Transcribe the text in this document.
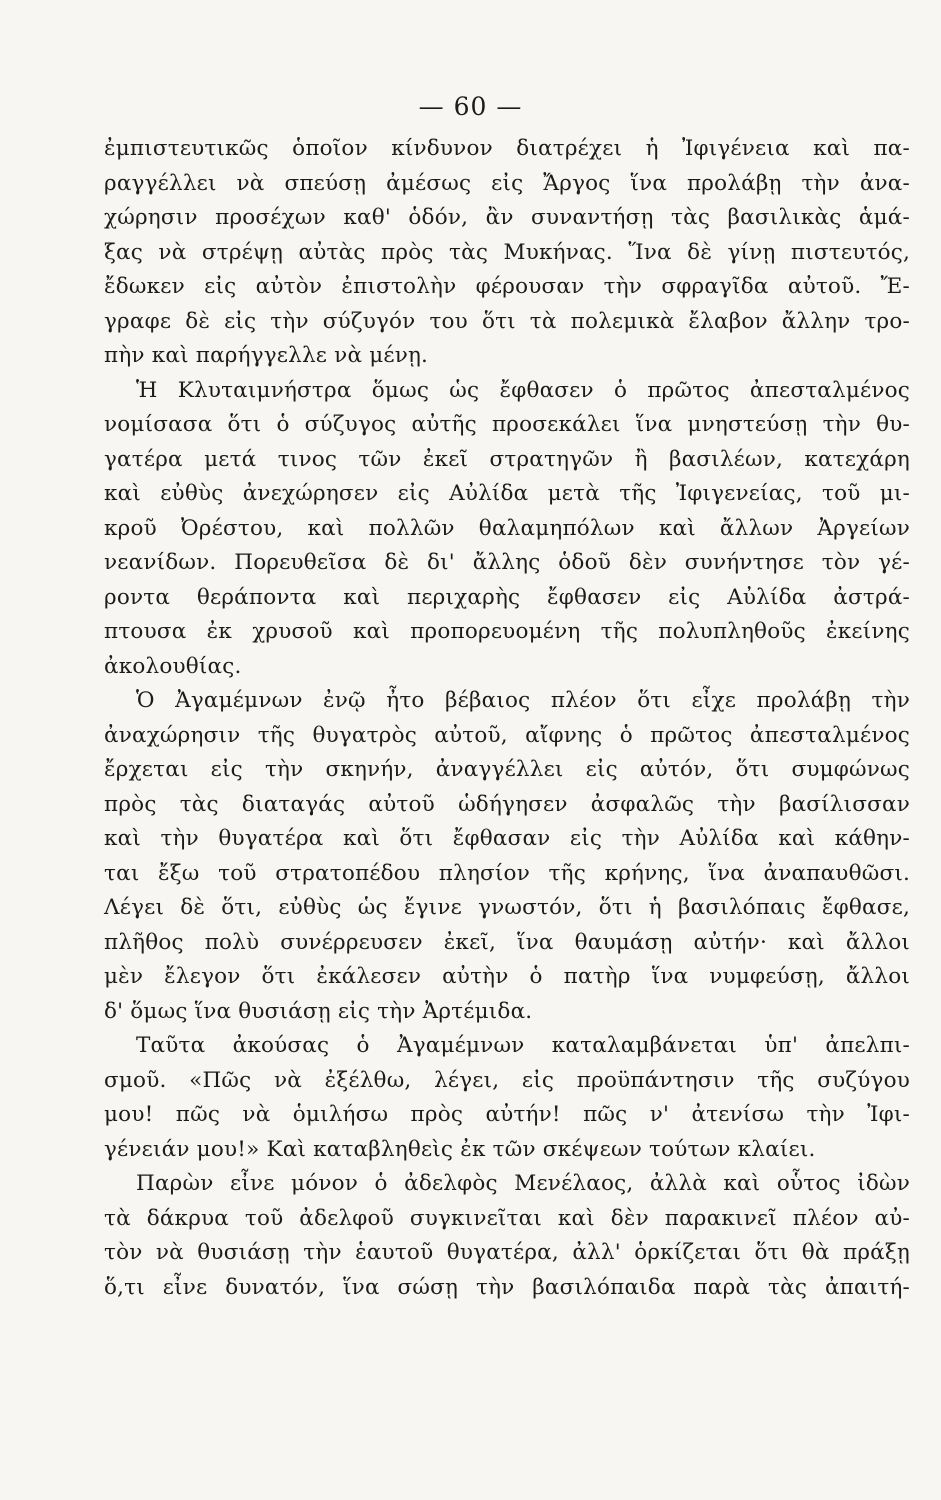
— 60 —
ἐμπιστευτικῶς ὁποῖον κίνδυνον διατρέχει ἡ Ἰφιγένεια καὶ πα-
ραγγέλλει νὰ σπεύσῃ ἀμέσως εἰς Ἄργος ἵνα προλάβῃ τὴν ἀνα-
χώρησιν προσέχων καθ' ὁδόν, ἂν συναντήσῃ τὰς βασιλικὰς ἁμά-
ξας νὰ στρέψῃ αὐτὰς πρὸς τὰς Μυκήνας. Ἵνα δὲ γίνῃ πιστευτός,
ἔδωκεν εἰς αὐτὸν ἐπιστολὴν φέρουσαν τὴν σφραγῖδα αὐτοῦ. Ἔ-
γραφε δὲ εἰς τὴν σύζυγόν του ὅτι τὰ πολεμικὰ ἔλαβον ἄλλην τρο-
πὴν καὶ παρήγγελλε νὰ μένῃ.
Ἡ Κλυταιμνήστρα ὅμως ὡς ἔφθασεν ὁ πρῶτος ἀπεσταλμένος
νομίσασα ὅτι ὁ σύζυγος αὐτῆς προσεκάλει ἵνα μνηστεύσῃ τὴν θυ-
γατέρα μετά τινος τῶν ἐκεῖ στρατηγῶν ἢ βασιλέων, κατεχάρη
καὶ εὐθὺς ἀνεχώρησεν εἰς Αὐλίδα μετὰ τῆς Ἰφιγενείας, τοῦ μι-
κροῦ Ὀρέστου, καὶ πολλῶν θαλαμηπόλων καὶ ἄλλων Ἀργείων
νεανίδων. Πορευθεῖσα δὲ δι' ἄλλης ὁδοῦ δὲν συνήντησε τὸν γέ-
ροντα θεράποντα καὶ περιχαρὴς ἔφθασεν εἰς Αὐλίδα ἀστρά-
πτουσα ἐκ χρυσοῦ καὶ προπορευομένη τῆς πολυπληθοῦς ἐκείνης
ἀκολουθίας.
Ὁ Ἀγαμέμνων ἐνῷ ἦτο βέβαιος πλέον ὅτι εἶχε προλάβῃ τὴν
ἀναχώρησιν τῆς θυγατρὸς αὐτοῦ, αἴφνης ὁ πρῶτος ἀπεσταλμένος
ἔρχεται εἰς τὴν σκηνήν, ἀναγγέλλει εἰς αὐτόν, ὅτι συμφώνως
πρὸς τὰς διαταγάς αὐτοῦ ὡδήγησεν ἀσφαλῶς τὴν βασίλισσαν
καὶ τὴν θυγατέρα καὶ ὅτι ἔφθασαν εἰς τὴν Αὐλίδα καὶ κάθην-
ται ἔξω τοῦ στρατοπέδου πλησίον τῆς κρήνης, ἵνα ἀναπαυθῶσι.
Λέγει δὲ ὅτι, εὐθὺς ὡς ἔγινε γνωστόν, ὅτι ἡ βασιλόπαις ἔφθασε,
πλῆθος πολὺ συνέρρευσεν ἐκεῖ, ἵνα θαυμάσῃ αὐτήν· καὶ ἄλλοι
μὲν ἔλεγον ὅτι ἐκάλεσεν αὐτὴν ὁ πατὴρ ἵνα νυμφεύσῃ, ἄλλοι
δ' ὅμως ἵνα θυσιάσῃ εἰς τὴν Ἀρτέμιδα.
Ταῦτα ἀκούσας ὁ Ἀγαμέμνων καταλαμβάνεται ὑπ' ἀπελπι-
σμοῦ. «Πῶς νὰ ἐξέλθω, λέγει, εἰς προϋπάντησιν τῆς συζύγου
μου! πῶς νὰ ὁμιλήσω πρὸς αὐτήν! πῶς ν' ἀτενίσω τὴν Ἰφι-
γένειάν μου!» Καὶ καταβληθεὶς ἐκ τῶν σκέψεων τούτων κλαίει.
Παρὼν εἶνε μόνον ὁ ἀδελφὸς Μενέλαος, ἀλλὰ καὶ οὗτος ἰδὼν
τὰ δάκρυα τοῦ ἀδελφοῦ συγκινεῖται καὶ δὲν παρακινεῖ πλέον αὐ-
τὸν νὰ θυσιάσῃ τὴν ἑαυτοῦ θυγατέρα, ἀλλ' ὁρκίζεται ὅτι θὰ πράξῃ
ὅ,τι εἶνε δυνατόν, ἵνα σώσῃ τὴν βασιλόπαιδα παρὰ τὰς ἀπαιτή-
